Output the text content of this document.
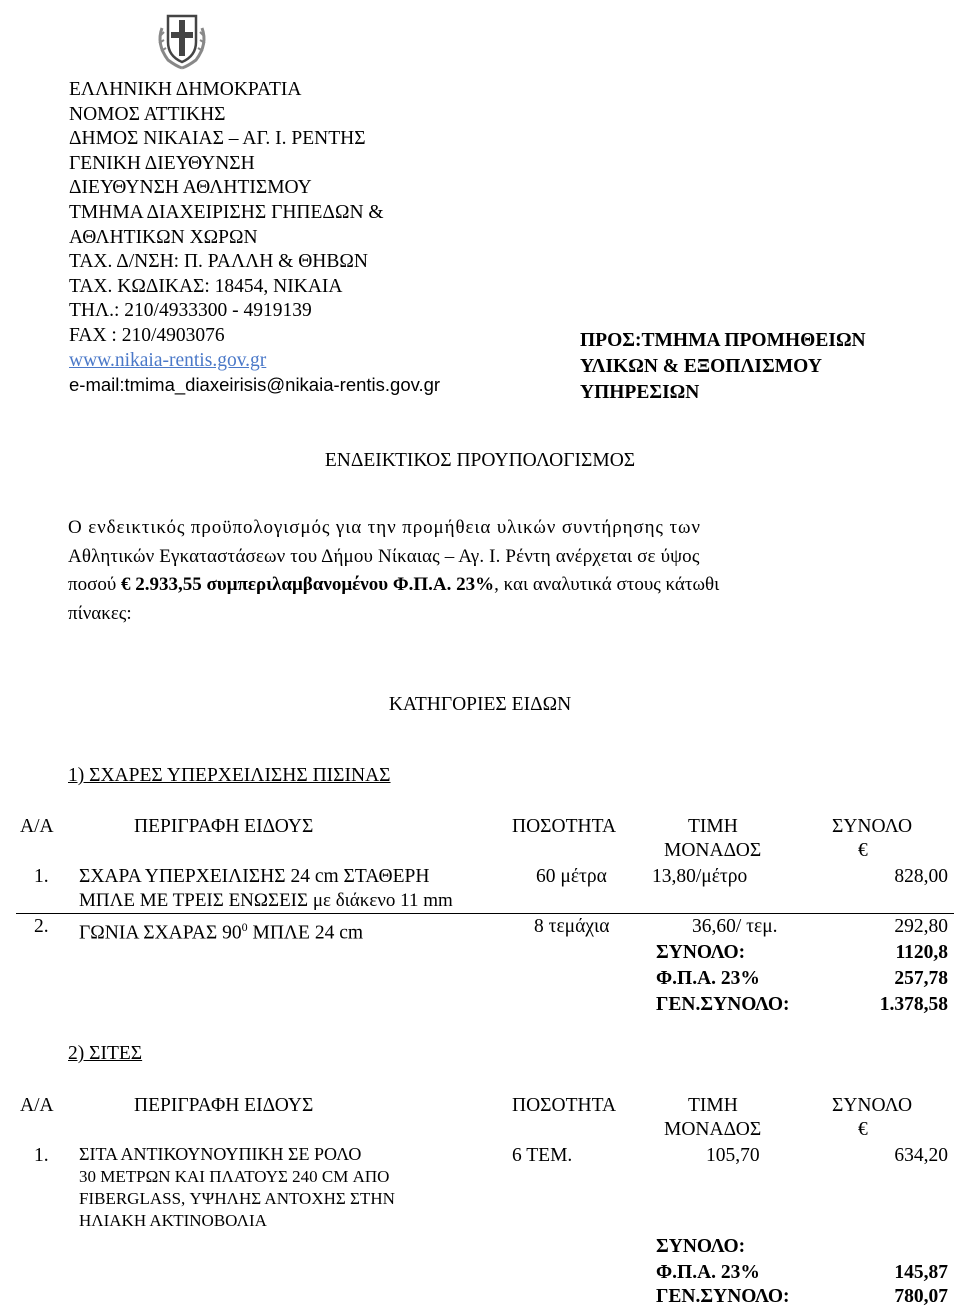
ΕΛΛΗΝΙΚΗ ΔΗΜΟΚΡΑΤΙΑ
ΝΟΜΟΣ ΑΤΤΙΚΗΣ
ΔΗΜΟΣ ΝΙΚΑΙΑΣ – ΑΓ. Ι. ΡΕΝΤΗΣ
ΓΕΝΙΚΗ ΔΙΕΥΘΥΝΣΗ
ΔΙΕΥΘΥΝΣΗ ΑΘΛΗΤΙΣΜΟΥ
ΤΜΗΜΑ ΔΙΑΧΕΙΡΙΣΗΣ ΓΗΠΕΔΩΝ &
ΑΘΛΗΤΙΚΩΝ ΧΩΡΩΝ
ΤΑΧ. Δ/ΝΣΗ: Π. ΡΑΛΛΗ & ΘΗΒΩΝ
ΤΑΧ. ΚΩΔΙΚΑΣ: 18454, ΝΙΚΑΙΑ
ΤΗΛ.: 210/4933300 - 4919139
FAX : 210/4903076
www.nikaia-rentis.gov.gr
e-mail:tmima_diaxeirisis@nikaia-rentis.gov.gr
ΠΡΟΣ:ΤΜΗΜΑ ΠΡΟΜΗΘΕΙΩΝ
ΥΛΙΚΩΝ & ΕΞΟΠΛΙΣΜΟΥ
ΥΠΗΡΕΣΙΩΝ
ΕΝΔΕΙΚΤΙΚΟΣ ΠΡΟΥΠΟΛΟΓΙΣΜΟΣ
Ο ενδεικτικός προϋπολογισμός για την προμήθεια υλικών συντήρησης των
Αθλητικών Εγκαταστάσεων του Δήμου Νίκαιας – Αγ. Ι. Ρέντη ανέρχεται σε ύψος
ποσού € 2.933,55 συμπεριλαμβανομένου Φ.Π.Α. 23%, και αναλυτικά στους κάτωθι
πίνακες:
ΚΑΤΗΓΟΡΙΕΣ ΕΙΔΩΝ
1) ΣΧΑΡΕΣ ΥΠΕΡΧΕΙΛΙΣΗΣ ΠΙΣΙΝΑΣ
Α/Α	ΠΕΡΙΓΡΑΦΗ ΕΙΔΟΥΣ	ΠΟΣΟΤΗΤΑ	ΤΙΜΗ
ΜΟΝΑΔΟΣ
ΣΥΝΟΛΟ
€
1. ΣΧΑΡΑ ΥΠΕΡΧΕΙΛΙΣΗΣ 24 cm ΣΤΑΘΕΡΗ
ΜΠΛΕ ΜΕ ΤΡΕΙΣ ΕΝΩΣΕΙΣ με διάκενο 11 mm
60 μέτρα 13,80/μέτρο	828,00
2. ΓΩΝΙΑ ΣΧΑΡΑΣ $90^0$ ΜΠΛΕ 24 cm	8 τεμάχια	36,60/ τεμ.	292,80
ΣΥΝΟΛΟ:	1120,8
Φ.Π.Α. 23%	257,78
ΓΕΝ.ΣΥΝΟΛΟ:	1.378,58
2) ΣΙΤΕΣ
Α/Α	ΠΕΡΙΓΡΑΦΗ ΕΙΔΟΥΣ	ΠΟΣΟΤΗΤΑ	ΤΙΜΗ
ΜΟΝΑΔΟΣ
ΣΥΝΟΛΟ
€
1. ΣΙΤΑ ΑΝΤΙΚΟΥΝΟΥΠΙΚΗ ΣΕ ΡΟΛΟ
30 ΜΕΤΡΩΝ ΚΑΙ ΠΛΑΤΟΥΣ 240 CM ΑΠΟ
FIBERGLASS, ΥΨΗΛΗΣ ΑΝΤΟΧΗΣ ΣΤΗΝ
ΗΛΙΑΚΗ ΑΚΤΙΝΟΒΟΛΙΑ
6 ΤΕΜ.	105,70	634,20
ΣΥΝΟΛΟ:
Φ.Π.Α. 23%	145,87
ΓΕΝ.ΣΥΝΟΛΟ:	780,07
